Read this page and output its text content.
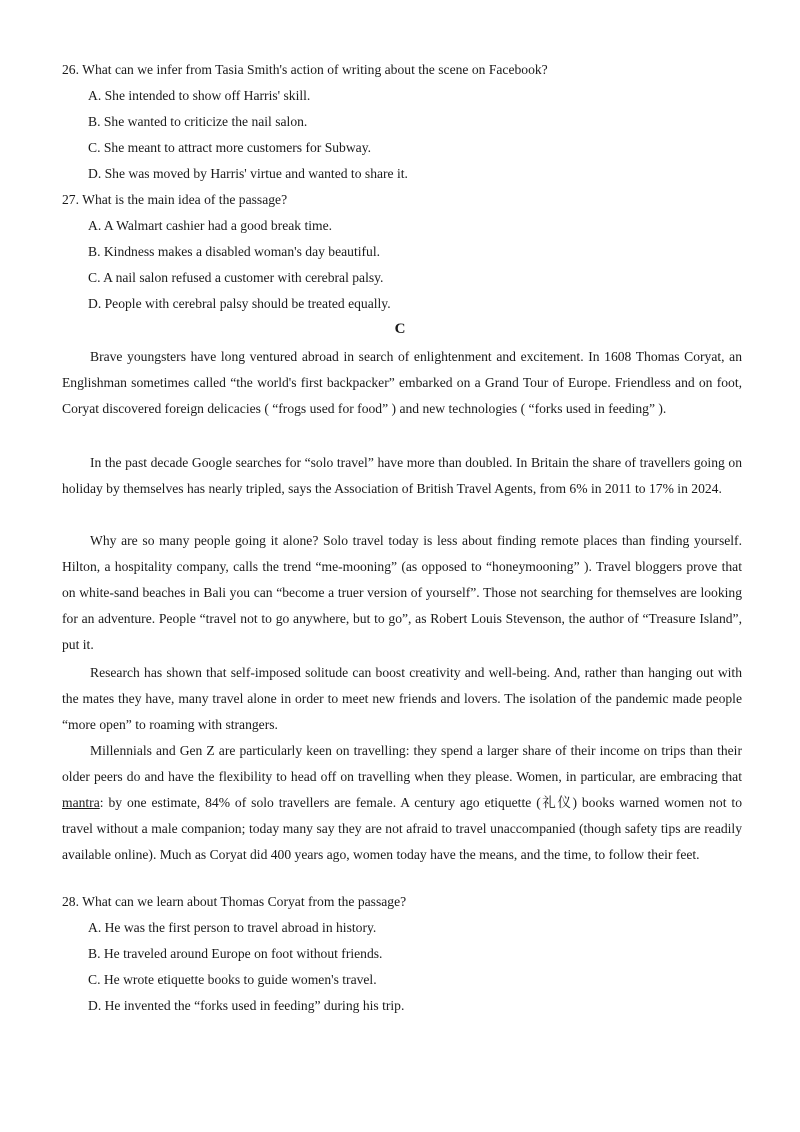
26. What can we infer from Tasia Smith's action of writing about the scene on Facebook?
A. She intended to show off Harris' skill.
B. She wanted to criticize the nail salon.
C. She meant to attract more customers for Subway.
D. She was moved by Harris' virtue and wanted to share it.
27. What is the main idea of the passage?
A. A Walmart cashier had a good break time.
B. Kindness makes a disabled woman's day beautiful.
C. A nail salon refused a customer with cerebral palsy.
D. People with cerebral palsy should be treated equally.
C
Brave youngsters have long ventured abroad in search of enlightenment and excitement. In 1608 Thomas Coryat, an Englishman sometimes called “the world's first backpacker” embarked on a Grand Tour of Europe. Friendless and on foot, Coryat discovered foreign delicacies ( “frogs used for food” ) and new technologies ( “forks used in feeding” ).
In the past decade Google searches for “solo travel” have more than doubled. In Britain the share of travellers going on holiday by themselves has nearly tripled, says the Association of British Travel Agents, from 6% in 2011 to 17% in 2024.
Why are so many people going it alone? Solo travel today is less about finding remote places than finding yourself. Hilton, a hospitality company, calls the trend “me-mooning” (as opposed to “honeymooning” ). Travel bloggers prove that on white-sand beaches in Bali you can “become a truer version of yourself”. Those not searching for themselves are looking for an adventure. People “travel not to go anywhere, but to go”, as Robert Louis Stevenson, the author of “Treasure Island”, put it.
Research has shown that self-imposed solitude can boost creativity and well-being. And, rather than hanging out with the mates they have, many travel alone in order to meet new friends and lovers. The isolation of the pandemic made people “more open” to roaming with strangers.
Millennials and Gen Z are particularly keen on travelling: they spend a larger share of their income on trips than their older peers do and have the flexibility to head off on travelling when they please. Women, in particular, are embracing that mantra: by one estimate, 84% of solo travellers are female. A century ago etiquette (礼仪) books warned women not to travel without a male companion; today many say they are not afraid to travel unaccompanied (though safety tips are readily available online). Much as Coryat did 400 years ago, women today have the means, and the time, to follow their feet.
28. What can we learn about Thomas Coryat from the passage?
A. He was the first person to travel abroad in history.
B. He traveled around Europe on foot without friends.
C. He wrote etiquette books to guide women's travel.
D. He invented the “forks used in feeding” during his trip.
